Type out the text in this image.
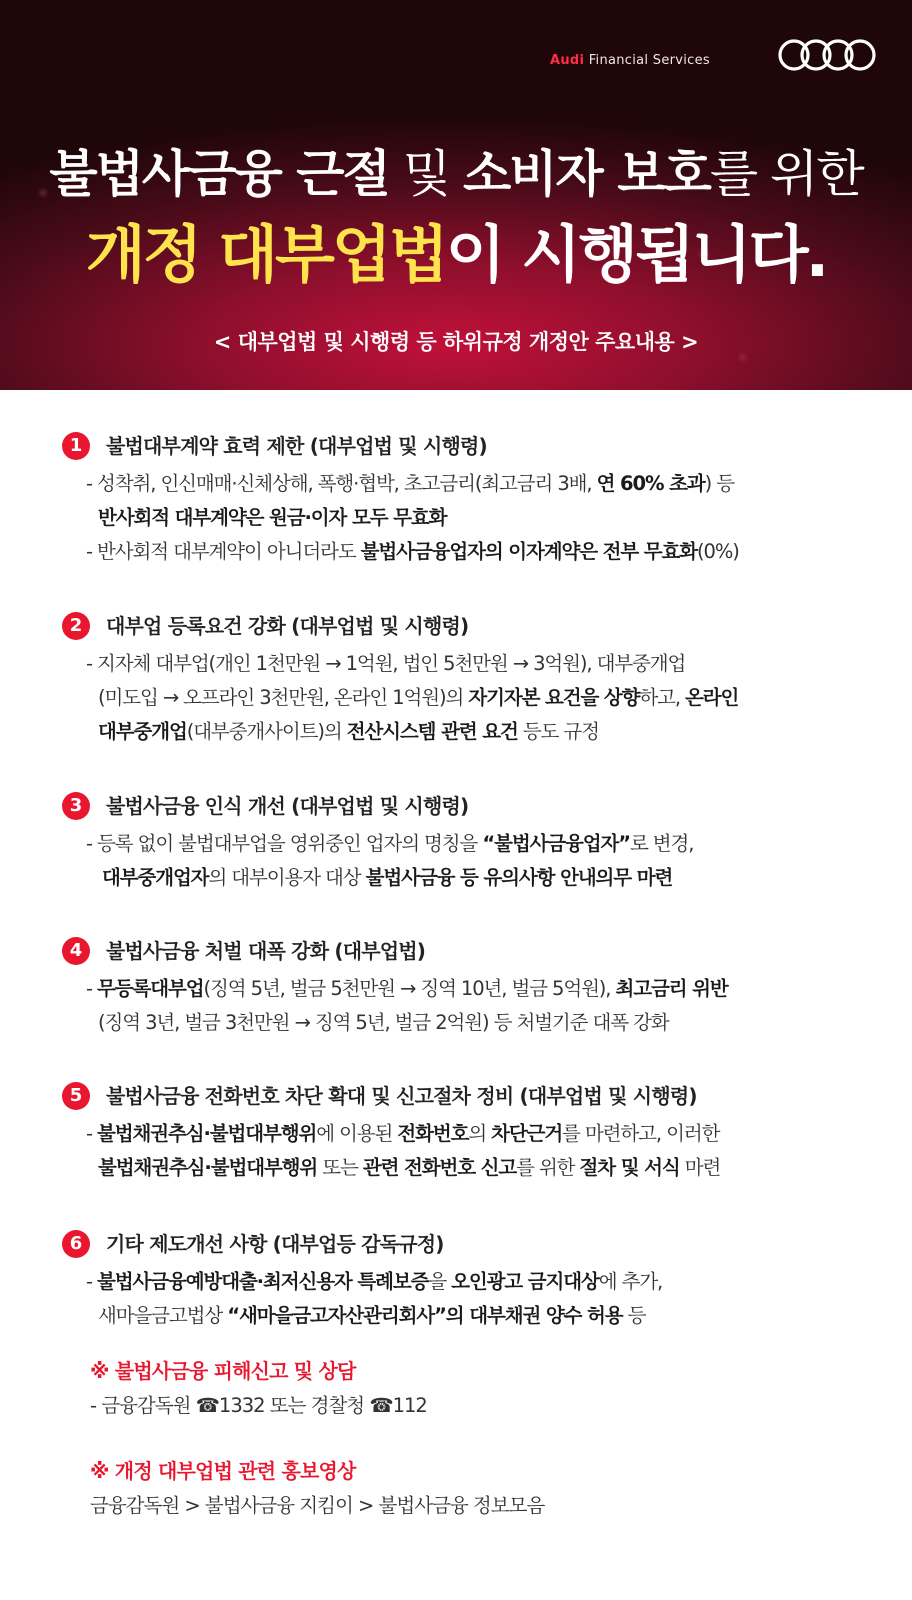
Audi Financial Services
불법사금융 근절 및 소비자 보호를 위한
개정 대부업법이 시행됩니다.
< 대부업법 및 시행령 등 하위규정 개정안 주요내용 >
1	불법대부계약 효력 제한 (대부업법 및 시행령)
- 성착취, 인신매매·신체상해, 폭행·협박, 초고금리(최고금리 3배, 연 60% 초과) 등
반사회적 대부계약은 원금·이자 모두 무효화
- 반사회적 대부계약이 아니더라도 불법사금융업자의 이자계약은 전부 무효화(0%)
2	대부업 등록요건 강화 (대부업법 및 시행령)
- 지자체 대부업(개인 1천만원 → 1억원, 법인 5천만원 → 3억원), 대부중개업
(미도입 → 오프라인 3천만원, 온라인 1억원)의 자기자본 요건을 상향하고, 온라인
대부중개업(대부중개사이트)의 전산시스템 관련 요건 등도 규정
3	불법사금융 인식 개선 (대부업법 및 시행령)
- 등록 없이 불법대부업을 영위중인 업자의 명칭을 “불법사금융업자”로 변경,
대부중개업자의 대부이용자 대상 불법사금융 등 유의사항 안내의무 마련
4	불법사금융 처벌 대폭 강화 (대부업법)
- 무등록대부업(징역 5년, 벌금 5천만원 → 징역 10년, 벌금 5억원), 최고금리 위반
(징역 3년, 벌금 3천만원 → 징역 5년, 벌금 2억원) 등 처벌기준 대폭 강화
5	불법사금융 전화번호 차단 확대 및 신고절차 정비 (대부업법 및 시행령)
- 불법채권추심·불법대부행위에 이용된 전화번호의 차단근거를 마련하고, 이러한
불법채권추심·불법대부행위 또는 관련 전화번호 신고를 위한 절차 및 서식 마련
6	기타 제도개선 사항 (대부업등 감독규정)
- 불법사금융예방대출·최저신용자 특례보증을 오인광고 금지대상에 추가,
새마을금고법상 “새마을금고자산관리회사”의 대부채권 양수 허용 등
※ 불법사금융 피해신고 및 상담
- 금융감독원 ☎1332 또는 경찰청 ☎112
※ 개정 대부업법 관련 홍보영상
금융감독원 > 불법사금융 지킴이 > 불법사금융 정보모음
